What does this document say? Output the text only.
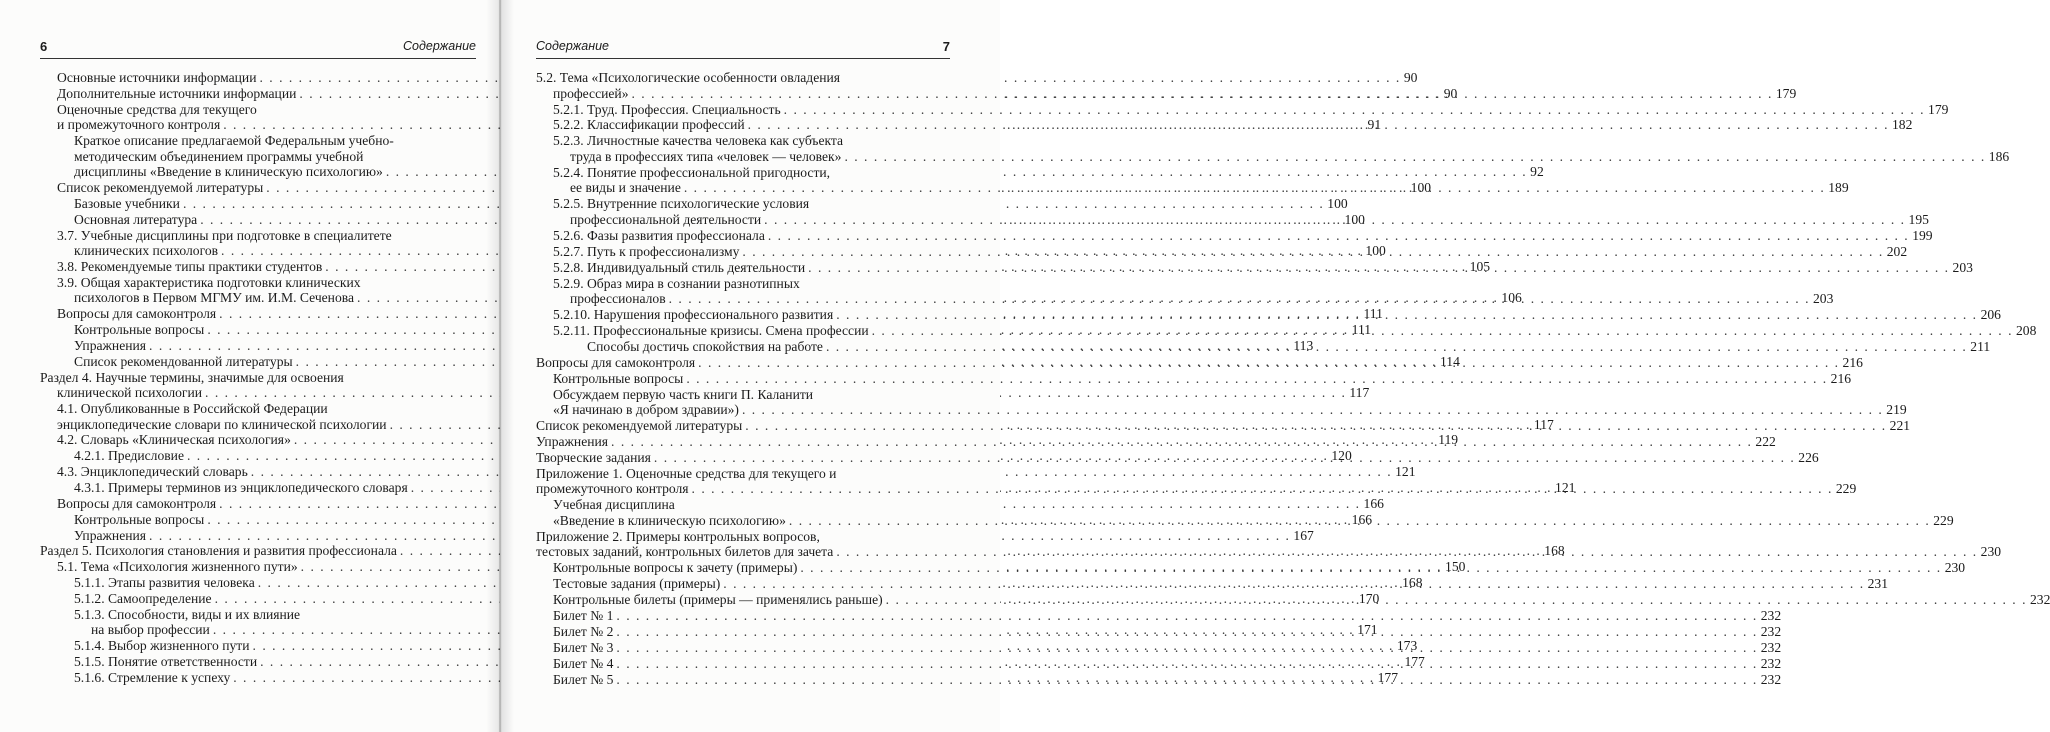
6	Содержание
Основные источники информации . . .	90
Дополнительные источники информации . . .	90
Оценочные средства для текущего
и промежуточного контроля . . .	91
Краткое описание предлагаемой Федеральным учебно-
методическим объединением программы учебной
дисциплины «Введение в клиническую психологию» . . .	92
Список рекомендуемой литературы . . .	100
Базовые учебники . . .	100
Основная литература . . .	100
3.7. Учебные дисциплины при подготовке в специалитете
клинических психологов . . .	100
3.8. Рекомендуемые типы практики студентов . . .	105
3.9. Общая характеристика подготовки клинических
психологов в Первом МГМУ им. И.М. Сеченова . . .	106
Вопросы для самоконтроля . . .	111
Контрольные вопросы . . .	111
Упражнения . . .	113
Список рекомендованной литературы . . .	114
Раздел 4. Научные термины, значимые для освоения
клинической психологии . . .	117
4.1. Опубликованные в Российской Федерации
энциклопедические словари по клинической психологии . . .	117
4.2. Словарь «Клиническая психология» . . .	119
4.2.1. Предисловие . . .	120
4.3. Энциклопедический словарь . . .	121
4.3.1. Примеры терминов из энциклопедического словаря . . .	121
Вопросы для самоконтроля . . .	166
Контрольные вопросы . . .	166
Упражнения . . .	167
Раздел 5. Психология становления и развития профессионала . . .	168
5.1. Тема «Психология жизненного пути» . . .	150
5.1.1. Этапы развития человека . . .	168
5.1.2. Самоопределение . . .	170
5.1.3. Способности, виды и их влияние
на выбор профессии . . .	171
5.1.4. Выбор жизненного пути . . .	173
5.1.5. Понятие ответственности . . .	177
5.1.6. Стремление к успеху . . .	177
Содержание	7
5.2. Тема «Психологические особенности овладения
профессией» . . .	179
5.2.1. Труд. Профессия. Специальность . . .	179
5.2.2. Классификации профессий . . .	182
5.2.3. Личностные качества человека как субъекта
труда в профессиях типа «человек — человек» . . .	186
5.2.4. Понятие профессиональной пригодности,
ее виды и значение . . .	189
5.2.5. Внутренние психологические условия
профессиональной деятельности . . .	195
5.2.6. Фазы развития профессионала . . .	199
5.2.7. Путь к профессионализму . . .	202
5.2.8. Индивидуальный стиль деятельности . . .	203
5.2.9. Образ мира в сознании разнотипных
профессионалов . . .	203
5.2.10. Нарушения профессионального развития . . .	206
5.2.11. Профессиональные кризисы. Смена профессии . . .	208
Способы достичь спокойствия на работе . . .	211
Вопросы для самоконтроля . . .	216
Контрольные вопросы . . .	216
Обсуждаем первую часть книги П. Каланити
«Я начинаю в добром здравии») . . .	219
Список рекомендуемой литературы . . .	221
Упражнения . . .	222
Творческие задания . . .	226
Приложение 1. Оценочные средства для текущего и
промежуточного контроля . . .	229
Учебная дисциплина
«Введение в клиническую психологию» . . .	229
Приложение 2. Примеры контрольных вопросов,
тестовых заданий, контрольных билетов для зачета . . .	230
Контрольные вопросы к зачету (примеры) . . .	230
Тестовые задания (примеры) . . .	231
Контрольные билеты (примеры — применялись раньше) . . .	232
Билет № 1 . . .	232
Билет № 2 . . .	232
Билет № 3 . . .	232
Билет № 4 . . .	232
Билет № 5 . . .	232
